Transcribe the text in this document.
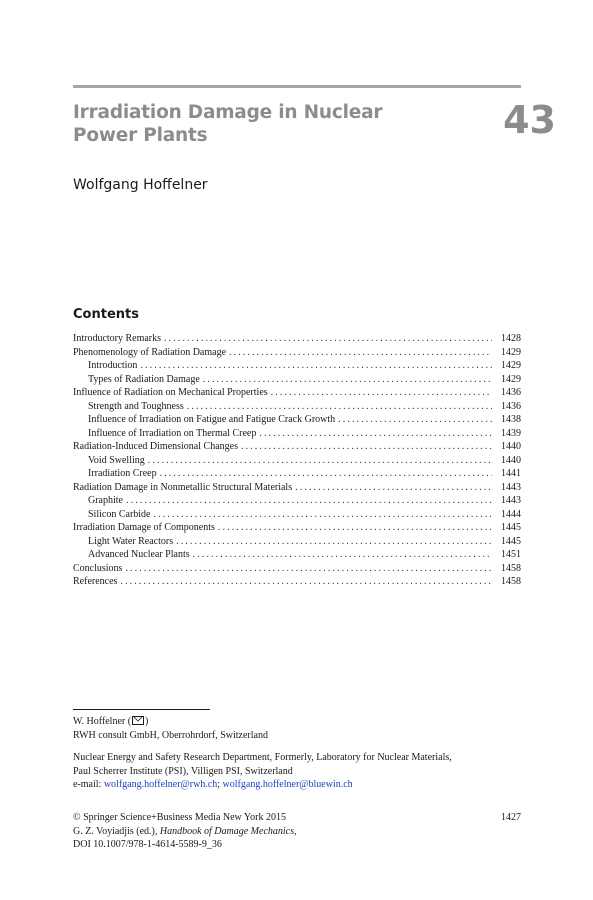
Irradiation Damage in Nuclear
Power Plants	43
Wolfgang Hoffelner
Contents
Introductory Remarks . . .	1428
Phenomenology of Radiation Damage . . .	1429
Introduction . . .	1429
Types of Radiation Damage . . .	1429
Influence of Radiation on Mechanical Properties . . .	1436
Strength and Toughness . . .	1436
Influence of Irradiation on Fatigue and Fatigue Crack Growth . . .	1438
Influence of Irradiation on Thermal Creep . . .	1439
Radiation-Induced Dimensional Changes . . .	1440
Void Swelling . . .	1440
Irradiation Creep . . .	1441
Radiation Damage in Nonmetallic Structural Materials . . .	1443
Graphite . . .	1443
Silicon Carbide . . .	1444
Irradiation Damage of Components . . .	1445
Light Water Reactors . . .	1445
Advanced Nuclear Plants . . .	1451
Conclusions . . .	1458
References . . .	1458
W. Hoffelner ( )
RWH consult GmbH, Oberrohrdorf, Switzerland
Nuclear Energy and Safety Research Department, Formerly, Laboratory for Nuclear Materials,
Paul Scherrer Institute (PSI), Villigen PSI, Switzerland
e-mail: wolfgang.hoffelner@rwh.ch; wolfgang.hoffelner@bluewin.ch
© Springer Science+Business Media New York 2015	1427
G. Z. Voyiadjis (ed.), Handbook of Damage Mechanics,
DOI 10.1007/978-1-4614-5589-9_36
